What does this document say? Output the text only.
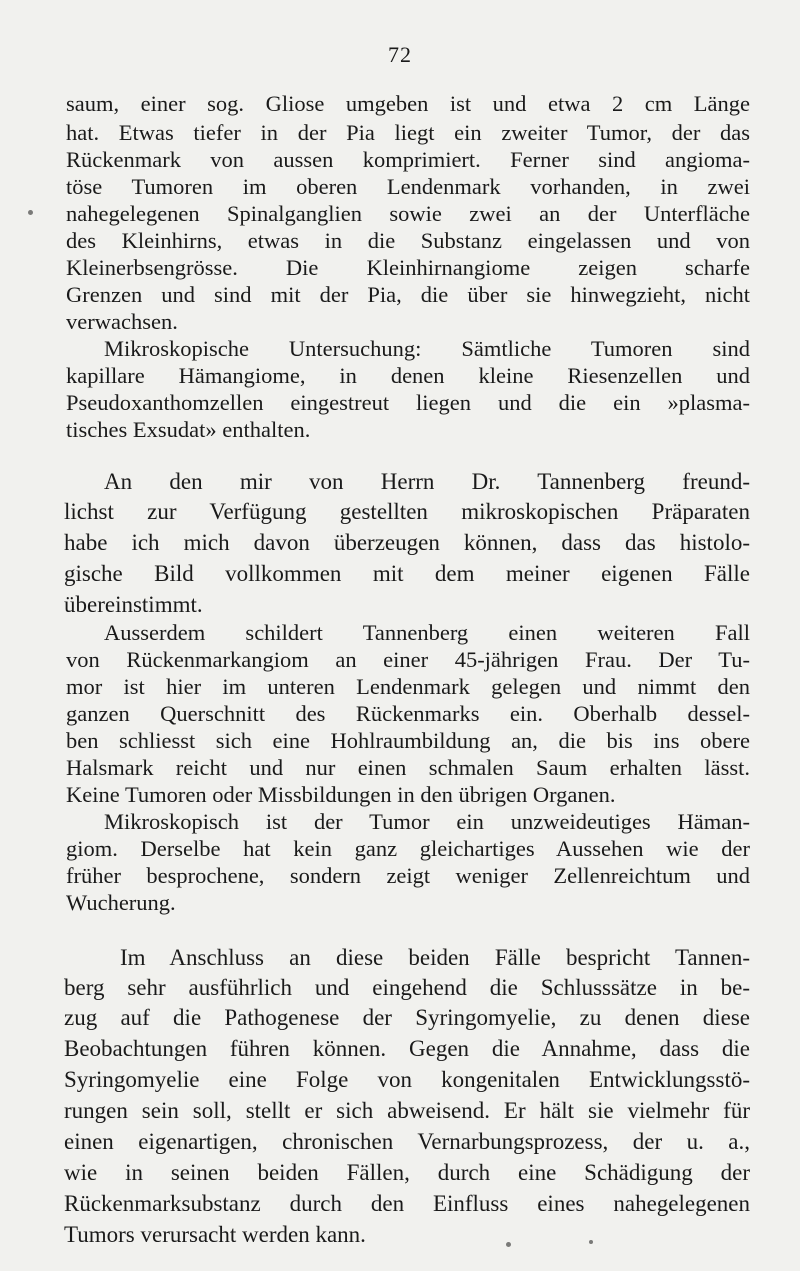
72
saum, einer sog. Gliose umgeben ist und etwa 2 cm Länge
hat. Etwas tiefer in der Pia liegt ein zweiter Tumor, der das
Rückenmark von aussen komprimiert. Ferner sind angioma-
töse Tumoren im oberen Lendenmark vorhanden, in zwei
nahegelegenen Spinalganglien sowie zwei an der Unterfläche
des Kleinhirns, etwas in die Substanz eingelassen und von
Kleinerbsengrösse. Die Kleinhirnangiome zeigen scharfe
Grenzen und sind mit der Pia, die über sie hinwegzieht, nicht
verwachsen.
Mikroskopische Untersuchung: Sämtliche Tumoren sind
kapillare Hämangiome, in denen kleine Riesenzellen und
Pseudoxanthomzellen eingestreut liegen und die ein »plasma-
tisches Exsudat» enthalten.
An den mir von Herrn Dr. Tannenberg freund-
lichst zur Verfügung gestellten mikroskopischen Präparaten
habe ich mich davon überzeugen können, dass das histolo-
gische Bild vollkommen mit dem meiner eigenen Fälle
übereinstimmt.
Ausserdem schildert Tannenberg einen weiteren Fall
von Rückenmarkangiom an einer 45-jährigen Frau. Der Tu-
mor ist hier im unteren Lendenmark gelegen und nimmt den
ganzen Querschnitt des Rückenmarks ein. Oberhalb dessel-
ben schliesst sich eine Hohlraumbildung an, die bis ins obere
Halsmark reicht und nur einen schmalen Saum erhalten lässt.
Keine Tumoren oder Missbildungen in den übrigen Organen.
Mikroskopisch ist der Tumor ein unzweideutiges Häman-
giom. Derselbe hat kein ganz gleichartiges Aussehen wie der
früher besprochene, sondern zeigt weniger Zellenreichtum und
Wucherung.
Im Anschluss an diese beiden Fälle bespricht Tannen-
berg sehr ausführlich und eingehend die Schlusssätze in be-
zug auf die Pathogenese der Syringomyelie, zu denen diese
Beobachtungen führen können. Gegen die Annahme, dass die
Syringomyelie eine Folge von kongenitalen Entwicklungsstö-
rungen sein soll, stellt er sich abweisend. Er hält sie vielmehr für
einen eigenartigen, chronischen Vernarbungsprozess, der u. a.,
wie in seinen beiden Fällen, durch eine Schädigung der
Rückenmarksubstanz durch den Einfluss eines nahegelegenen
Tumors verursacht werden kann.
